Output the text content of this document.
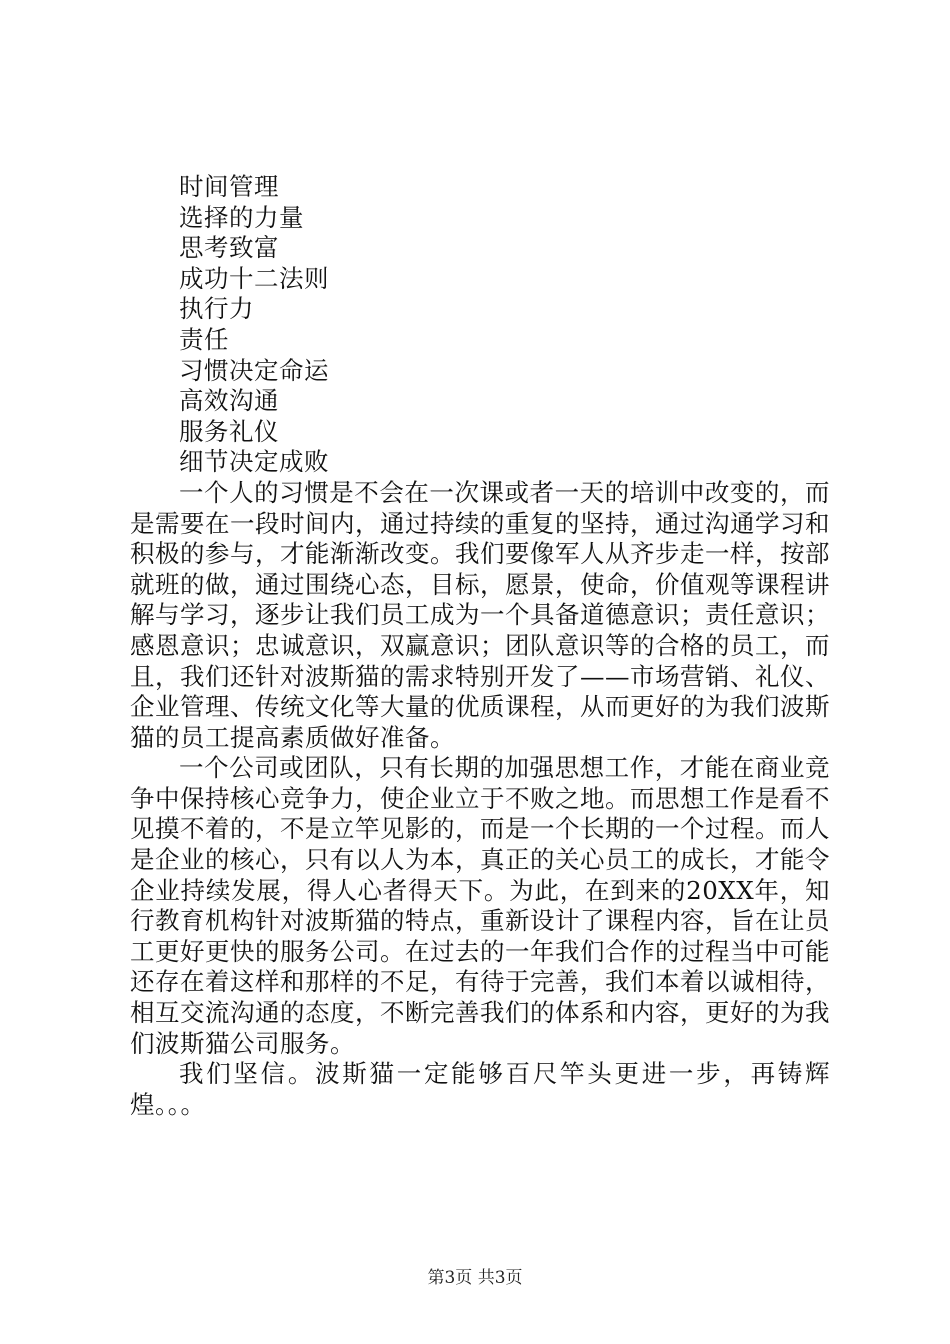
时间管理

选择的力量

思考致富

成功十二法则

执行力

责任

习惯决定命运

高效沟通

服务礼仪

细节决定成败

一个人的习惯是不会在一次课或者一天的培训中改变的，而是需要在一段时间内，通过持续的重复的坚持，通过沟通学习和积极的参与，才能渐渐改变。我们要像军人从齐步走一样，按部就班的做，通过围绕心态，目标，愿景，使命，价值观等课程讲解与学习，逐步让我们员工成为一个具备道德意识；责任意识；感恩意识；忠诚意识，双赢意识；团队意识等的合格的员工，而且，我们还针对波斯猫的需求特别开发了——市场营销、礼仪、企业管理、传统文化等大量的优质课程，从而更好的为我们波斯猫的员工提高素质做好准备。

一个公司或团队，只有长期的加强思想工作，才能在商业竞争中保持核心竞争力，使企业立于不败之地。而思想工作是看不见摸不着的，不是立竿见影的，而是一个长期的一个过程。而人是企业的核心，只有以人为本，真正的关心员工的成长，才能令企业持续发展，得人心者得天下。为此，在到来的20XX年，知行教育机构针对波斯猫的特点，重新设计了课程内容，旨在让员工更好更快的服务公司。在过去的一年我们合作的过程当中可能还存在着这样和那样的不足，有待于完善，我们本着以诚相待，相互交流沟通的态度，不断完善我们的体系和内容，更好的为我们波斯猫公司服务。

我们坚信。波斯猫一定能够百尺竿头更进一步，再铸辉煌。。。

第3页 共3页
